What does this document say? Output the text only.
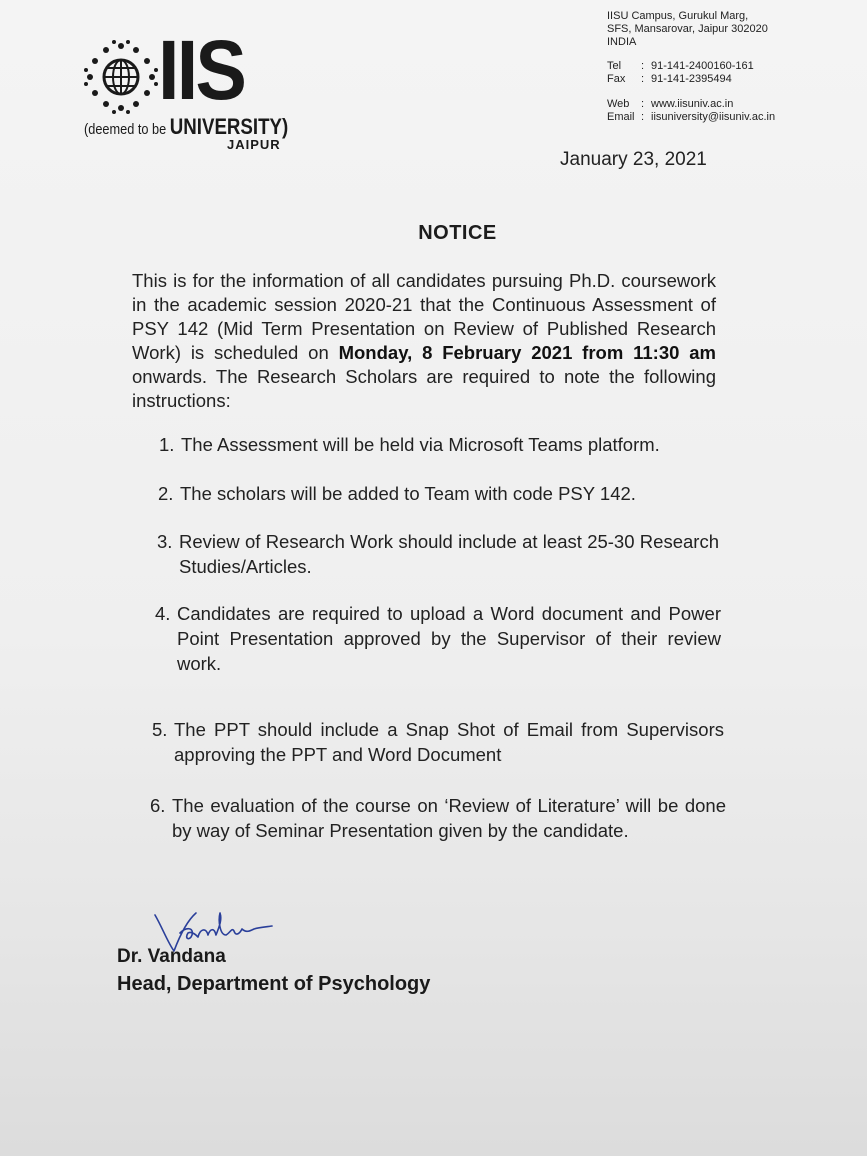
IIS
(deemed to be UNIVERSITY)
JAIPUR
IISU Campus, Gurukul Marg,
SFS, Mansarovar, Jaipur 302020
INDIA
Tel	: 91-141-2400160-161
Fax	: 91-141-2395494
Web	: www.iisuniv.ac.in
Email : iisuniversity@iisuniv.ac.in
January 23, 2021
NOTICE
This is for the information of all candidates pursuing Ph.D. coursework in the academic session 2020-21 that the Continuous Assessment of PSY 142 (Mid Term Presentation on Review of Published Research Work) is scheduled on Monday, 8 February 2021 from 11:30 am onwards. The Research Scholars are required to note the following instructions:
1. The Assessment will be held via Microsoft Teams platform.
2. The scholars will be added to Team with code PSY 142.
3. Review of Research Work should include at least 25-30 Research Studies/Articles.
4. Candidates are required to upload a Word document and Power Point Presentation approved by the Supervisor of their review work.
5. The PPT should include a Snap Shot of Email from Supervisors approving the PPT and Word Document
6. The evaluation of the course on ‘Review of Literature’ will be done by way of Seminar Presentation given by the candidate.
Dr. Vandana
Head, Department of Psychology
